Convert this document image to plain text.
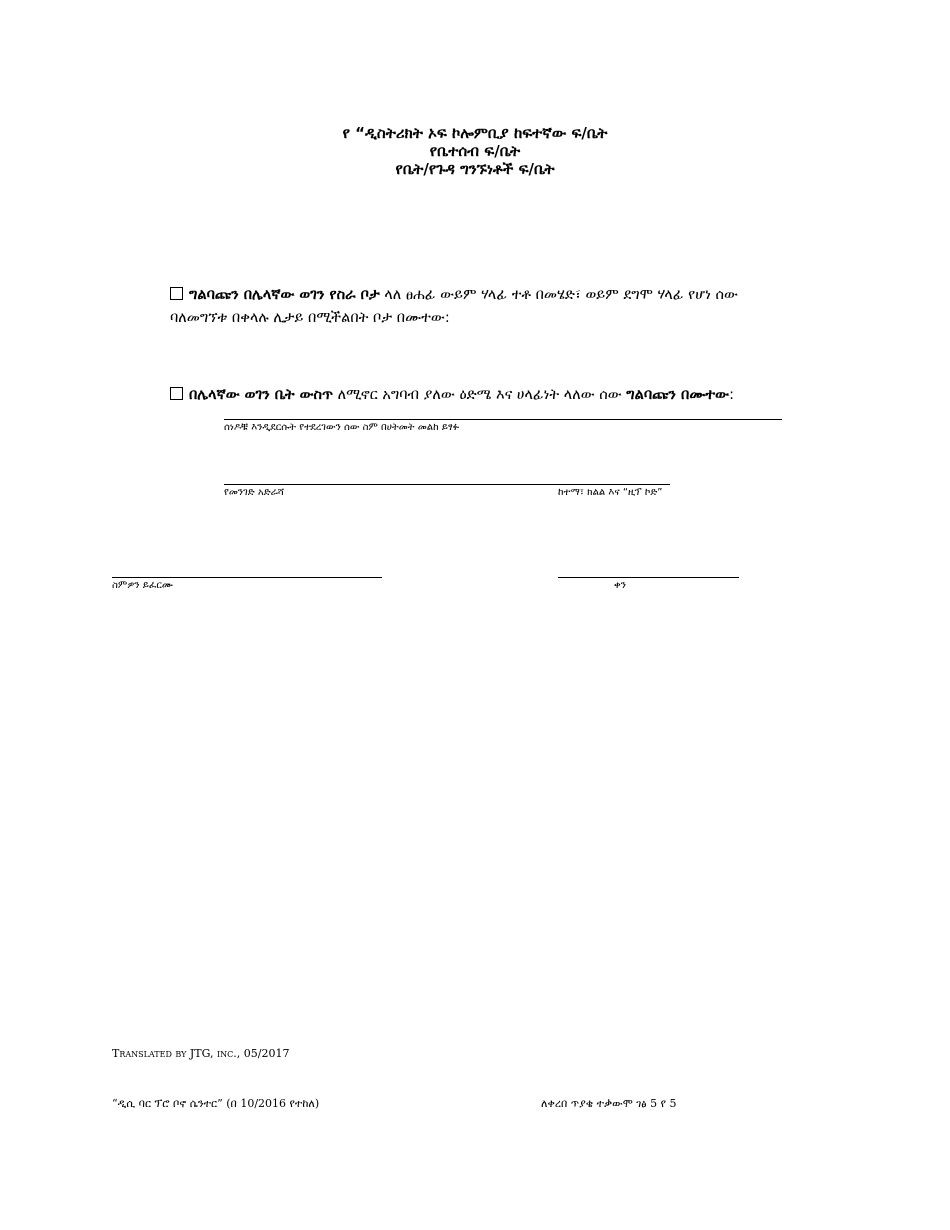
የ “ዲስትሪክት ኦፍ ኮሎምቢያ ከፍተኛው ፍ/ቤት
የቤተሰብ ፍ/ቤት
የቤት/የጉዳ ግንኙነቶች ፍ/ቤት
ግልባጩን በሌላኛው ወገን የስራ ቦታ ላለ ፀሐፊ ውይም ሃላፊ ተቶ በመሄድ፣ ወይም ደግሞ ሃላፊ የሆነ ሰው
ባለመግኘቱ በቀላሉ ሊታይ በሚችልበት ቦታ በሙተው:
በሌላኛው ወገን ቤት ውስጥ ለሚኖር አግባብ ያለው ዕድሜ እና ሀላፊነት ላለው ሰው ግልባጩን በሙተው:
ሰነዶቹ እንዲደርሱት የተደረገውን ሰው ስም በሀትመት መልከ ይፃፉ
የመንገድ አድራሻ	ከተማ፣ ክልል እና “ዚፕ ኮድ”
ስምዎን ይፈርሙ	ቀን
Translated by JTG, inc., 05/2017
“ዲሲ ባር ፕሮ ቦኖ ሴንተር” (በ 10/2016 የተከለ)	ለቀረበ ጥያቄ ተቃውሞ ገፅ 5 የ 5
